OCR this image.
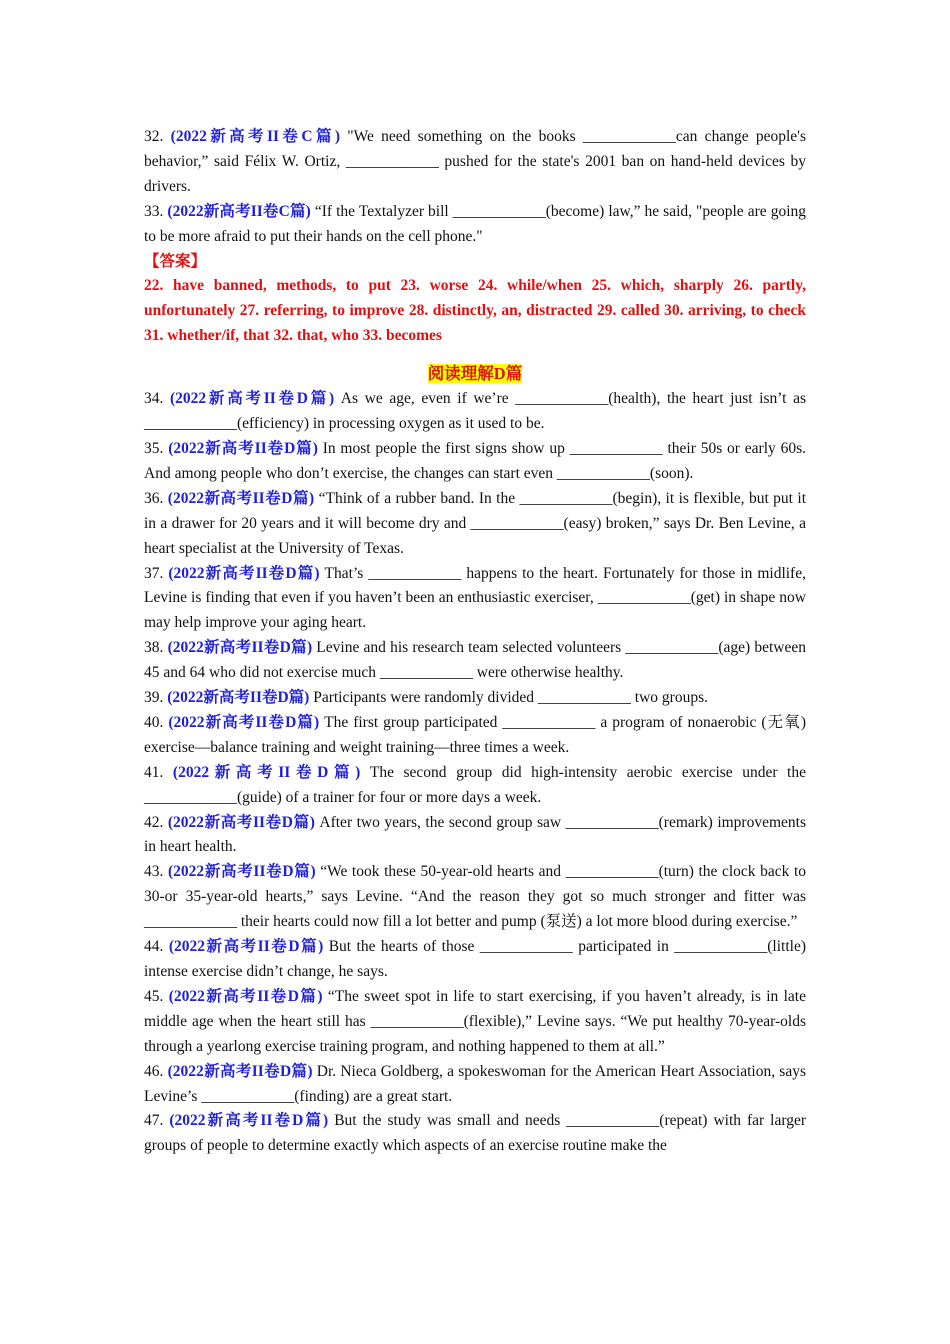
32. (2022新高考II卷C篇) "We need something on the books ____________can change people's behavior,” said Félix W. Ortiz, ____________ pushed for the state's 2001 ban on hand-held devices by drivers.

33. (2022新高考II卷C篇) “If the Textalyzer bill ____________(become) law,” he said, "people are going to be more afraid to put their hands on the cell phone."

【答案】

22. have banned, methods, to put 23. worse 24. while/when 25. which, sharply 26. partly, unfortunately 27. referring, to improve 28. distinctly, an, distracted 29. called 30. arriving, to check 31. whether/if, that 32. that, who 33. becomes

阅读理解D篇

34. (2022新高考II卷D篇) As we age, even if we’re ____________(health), the heart just isn’t as ____________(efficiency) in processing oxygen as it used to be.

35. (2022新高考II卷D篇) In most people the first signs show up ____________ their 50s or early 60s. And among people who don’t exercise, the changes can start even ____________(soon).

36. (2022新高考II卷D篇) “Think of a rubber band. In the ____________(begin), it is flexible, but put it in a drawer for 20 years and it will become dry and ____________(easy) broken,” says Dr. Ben Levine, a heart specialist at the University of Texas.

37. (2022新高考II卷D篇) That’s ____________ happens to the heart. Fortunately for those in midlife, Levine is finding that even if you haven’t been an enthusiastic exerciser, ____________(get) in shape now may help improve your aging heart.

38. (2022新高考II卷D篇) Levine and his research team selected volunteers ____________(age) between 45 and 64 who did not exercise much ____________ were otherwise healthy.

39. (2022新高考II卷D篇) Participants were randomly divided ____________ two groups.

40. (2022新高考II卷D篇) The first group participated ____________ a program of nonaerobic (无氧) exercise—balance training and weight training—three times a week.

41. (2022新高考II卷D篇) The second group did high-intensity aerobic exercise under the ____________(guide) of a trainer for four or more days a week.

42. (2022新高考II卷D篇) After two years, the second group saw ____________(remark) improvements in heart health.

43. (2022新高考II卷D篇) “We took these 50-year-old hearts and ____________(turn) the clock back to 30-or 35-year-old hearts,” says Levine. “And the reason they got so much stronger and fitter was ____________ their hearts could now fill a lot better and pump (泵送) a lot more blood during exercise.”

44. (2022新高考II卷D篇) But the hearts of those ____________ participated in ____________(little) intense exercise didn’t change, he says.

45. (2022新高考II卷D篇) “The sweet spot in life to start exercising, if you haven’t already, is in late middle age when the heart still has ____________(flexible),” Levine says. “We put healthy 70-year-olds through a yearlong exercise training program, and nothing happened to them at all.”

46. (2022新高考II卷D篇) Dr. Nieca Goldberg, a spokeswoman for the American Heart Association, says Levine’s ____________(finding) are a great start.

47. (2022新高考II卷D篇) But the study was small and needs ____________(repeat) with far larger groups of people to determine exactly which aspects of an exercise routine make the
